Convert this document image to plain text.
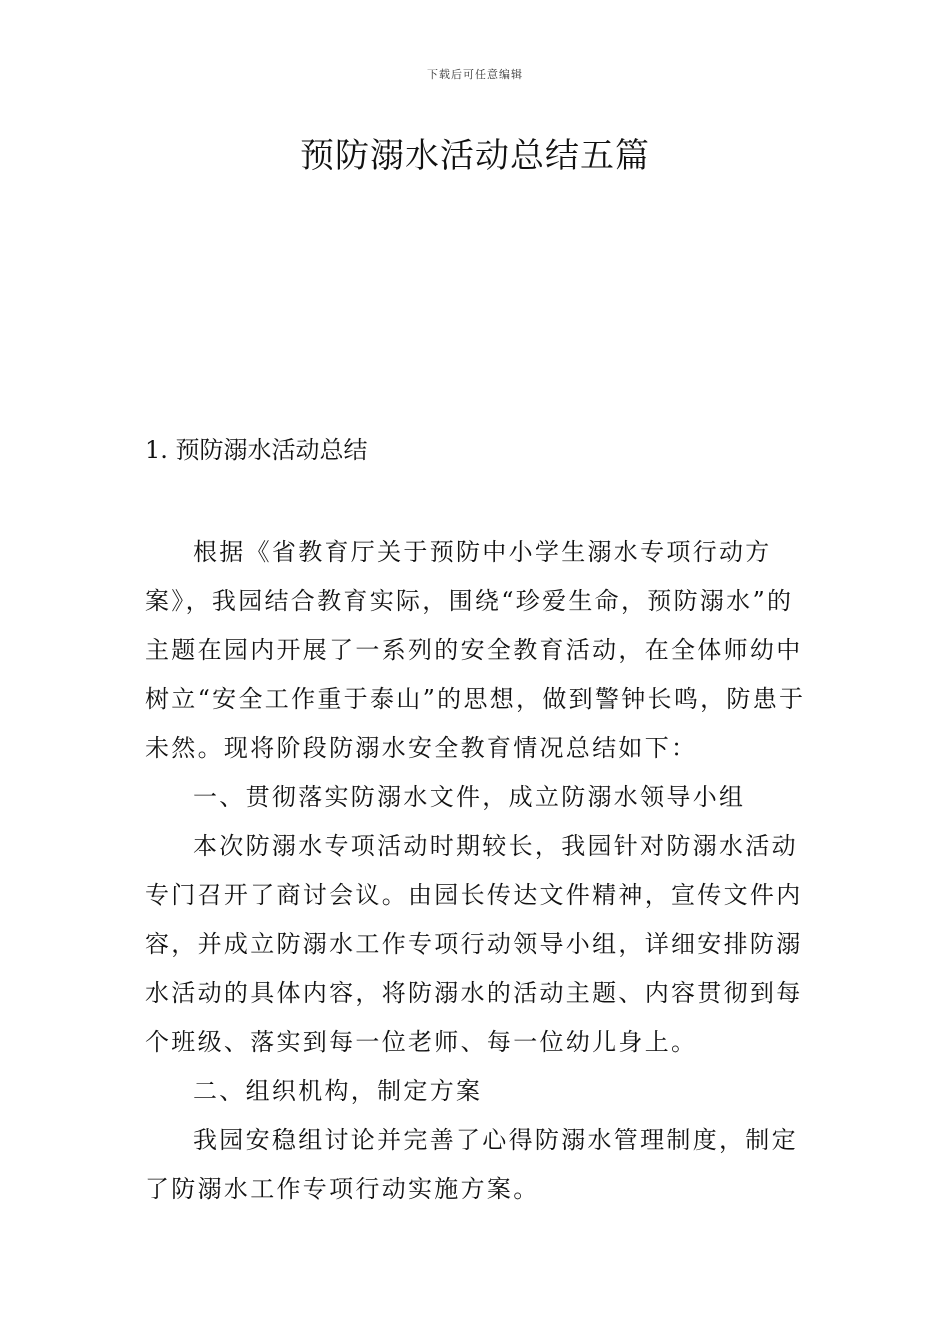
下载后可任意编辑
预防溺水活动总结五篇
1. 预防溺水活动总结

根据《省教育厅关于预防中小学生溺水专项行动方案》，我园结合教育实际，围绕“珍爱生命，预防溺水”的主题在园内开展了一系列的安全教育活动，在全体师幼中树立“安全工作重于泰山”的思想，做到警钟长鸣，防患于未然。现将阶段防溺水安全教育情况总结如下：

一、贯彻落实防溺水文件，成立防溺水领导小组

本次防溺水专项活动时期较长，我园针对防溺水活动专门召开了商讨会议。由园长传达文件精神，宣传文件内容，并成立防溺水工作专项行动领导小组，详细安排防溺水活动的具体内容，将防溺水的活动主题、内容贯彻到每个班级、落实到每一位老师、每一位幼儿身上。

二、组织机构，制定方案

我园安稳组讨论并完善了心得防溺水管理制度，制定了防溺水工作专项行动实施方案。
